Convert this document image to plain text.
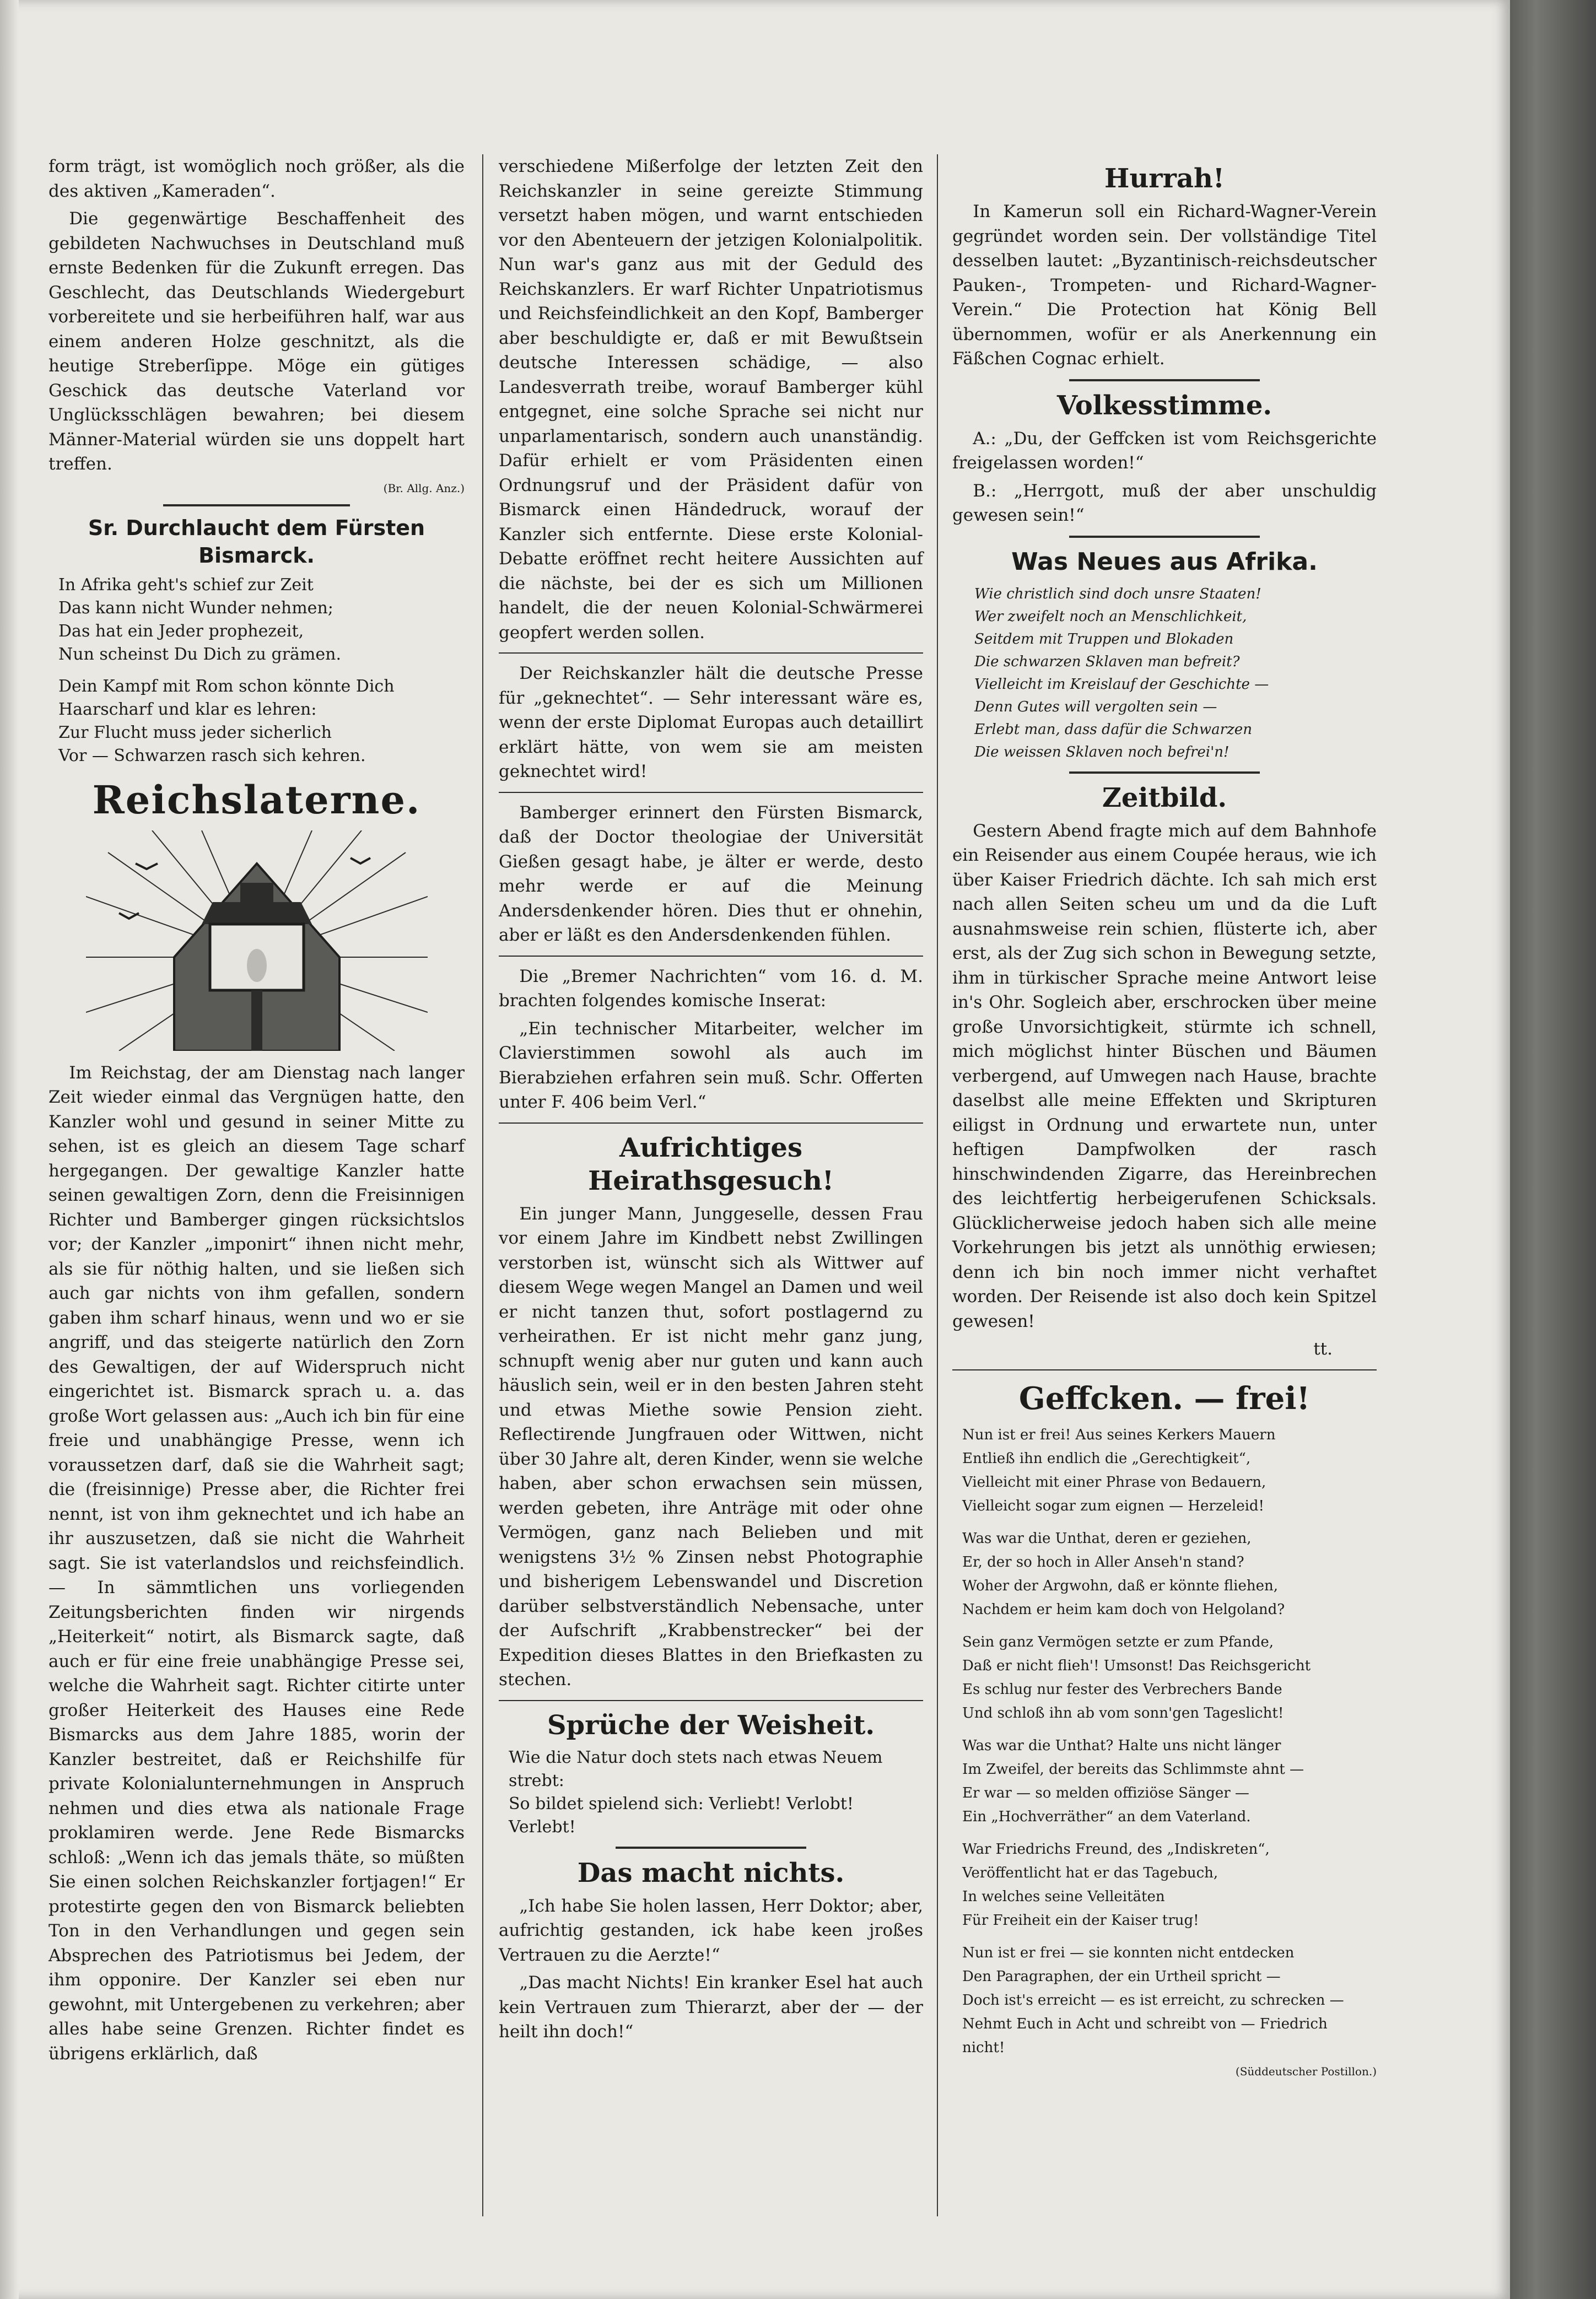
form trägt, ist womöglich noch größer, als die des aktiven „Kameraden“.

Die gegenwärtige Beschaffenheit des gebildeten Nachwuchses in Deutschland muß ernste Bedenken für die Zukunft erregen. Das Geschlecht, das Deutschlands Wiedergeburt vorbereitete und sie herbeiführen half, war aus einem anderen Holze geschnitzt, als die heutige Streberſippe. Möge ein gütiges Geschick das deutsche Vaterland vor Unglücksschlägen bewahren; bei diesem Männer-Material würden sie uns doppelt hart treffen.

(Br. Allg. Anz.)
Sr. Durchlaucht dem Fürsten Bismarck.
In Afrika geht's schief zur Zeit
Das kann nicht Wunder nehmen;
Das hat ein Jeder prophezeit,
Nun scheinst Du Dich zu grämen.

Dein Kampf mit Rom schon könnte Dich
Haarscharf und klar es lehren:
Zur Flucht muss jeder sicherlich
Vor — Schwarzen rasch sich kehren.
Reichslaterne.

Im Reichstag, der am Dienstag nach langer Zeit wieder einmal das Vergnügen hatte, den Kanzler wohl und gesund in seiner Mitte zu sehen, ist es gleich an diesem Tage scharf hergegangen. Der gewaltige Kanzler hatte seinen gewaltigen Zorn, denn die Freisinnigen Richter und Bamberger gingen rücksichtslos vor; der Kanzler „imponirt“ ihnen nicht mehr, als sie für nöthig halten, und sie ließen sich auch gar nichts von ihm gefallen, sondern gaben ihm scharf hinaus, wenn und wo er sie angriff, und das steigerte natürlich den Zorn des Gewaltigen, der auf Widerspruch nicht eingerichtet ist. Bismarck sprach u. a. das große Wort gelassen aus: „Auch ich bin für eine freie und unabhängige Presse, wenn ich voraussetzen darf, daß sie die Wahrheit sagt; die (freisinnige) Presse aber, die Richter frei nennt, ist von ihm geknechtet und ich habe an ihr auszusetzen, daß sie nicht die Wahrheit sagt. Sie ist vaterlandslos und reichsfeindlich. — In sämmtlichen uns vorliegenden Zeitungsberichten finden wir nirgends „Heiterkeit“ notirt, als Bismarck sagte, daß auch er für eine freie unabhängige Presse sei, welche die Wahrheit sagt. Richter citirte unter großer Heiterkeit des Hauses eine Rede Bismarcks aus dem Jahre 1885, worin der Kanzler bestreitet, daß er Reichshilfe für private Kolonialunternehmungen in Anspruch nehmen und dies etwa als nationale Frage proklamiren werde. Jene Rede Bismarcks schloß: „Wenn ich das jemals thäte, so müßten Sie einen solchen Reichskanzler fortjagen!“ Er protestirte gegen den von Bismarck beliebten Ton in den Verhandlungen und gegen sein Absprechen des Patriotismus bei Jedem, der ihm opponire. Der Kanzler sei eben nur gewohnt, mit Untergebenen zu verkehren; aber alles habe seine Grenzen. Richter findet es übrigens erklärlich, daß

verschiedene Mißerfolge der letzten Zeit den Reichskanzler in seine gereizte Stimmung versetzt haben mögen, und warnt entschieden vor den Abenteuern der jetzigen Kolonialpolitik. Nun war's ganz aus mit der Geduld des Reichskanzlers. Er warf Richter Unpatriotismus und Reichsfeindlichkeit an den Kopf, Bamberger aber beschuldigte er, daß er mit Bewußtsein deutsche Interessen schädige, — also Landesverrath treibe, worauf Bamberger kühl entgegnet, eine solche Sprache sei nicht nur unparlamentarisch, sondern auch unanständig. Dafür erhielt er vom Präsidenten einen Ordnungsruf und der Präsident dafür von Bismarck einen Händedruck, worauf der Kanzler sich entfernte. Diese erste Kolonial-Debatte eröffnet recht heitere Aussichten auf die nächste, bei der es sich um Millionen handelt, die der neuen Kolonial-Schwärmerei geopfert werden sollen.

Der Reichskanzler hält die deutsche Presse für „geknechtet“. — Sehr interessant wäre es, wenn der erste Diplomat Europas auch detaillirt erklärt hätte, von wem sie am meisten geknechtet wird!

Bamberger erinnert den Fürsten Bismarck, daß der Doctor theologiae der Universität Gießen gesagt habe, je älter er werde, desto mehr werde er auf die Meinung Andersdenkender hören. Dies thut er ohnehin, aber er läßt es den Andersdenkenden fühlen.

Die „Bremer Nachrichten“ vom 16. d. M. brachten folgendes komische Inserat:

„Ein technischer Mitarbeiter, welcher im Clavierstimmen sowohl als auch im Bierabziehen erfahren sein muß. Schr. Offerten unter F. 406 beim Verl.“

Aufrichtiges Heirathsgesuch!

Ein junger Mann, Junggeselle, dessen Frau vor einem Jahre im Kindbett nebst Zwillingen verstorben ist, wünscht sich als Wittwer auf diesem Wege wegen Mangel an Damen und weil er nicht tanzen thut, sofort postlagernd zu verheirathen. Er ist nicht mehr ganz jung, schnupft wenig aber nur guten und kann auch häuslich sein, weil er in den besten Jahren steht und etwas Miethe sowie Pension zieht. Reflectirende Jungfrauen oder Wittwen, nicht über 30 Jahre alt, deren Kinder, wenn sie welche haben, aber schon erwachsen sein müssen, werden gebeten, ihre Anträge mit oder ohne Vermögen, ganz nach Belieben und mit wenigstens 3½ % Zinsen nebst Photographie und bisherigem Lebenswandel und Discretion darüber selbstverständlich Nebensache, unter der Aufschrift „Krabbenstrecker“ bei der Expedition dieses Blattes in den Briefkasten zu stechen.

Sprüche der Weisheit.
Wie die Natur doch stets nach etwas Neuem
strebt:
So bildet spielend sich: Verliebt! Verlobt!
Verlebt!
Das macht nichts.

„Ich habe Sie holen lassen, Herr Doktor; aber, aufrichtig gestanden, ick habe keen jroßes Vertrauen zu die Aerzte!“

„Das macht Nichts! Ein kranker Esel hat auch kein Vertrauen zum Thierarzt, aber der — der heilt ihn doch!“

Hurrah!

In Kamerun soll ein Richard-Wagner-Verein gegründet worden sein. Der vollständige Titel desselben lautet: „Byzantinisch-reichsdeutscher Pauken-, Trompeten- und Richard-Wagner-Verein.“ Die Protection hat König Bell übernommen, wofür er als Anerkennung ein Fäßchen Cognac erhielt.

Volkesstimme.

A.: „Du, der Geffcken ist vom Reichsgerichte freigelassen worden!“

B.: „Herrgott, muß der aber unschuldig gewesen sein!“

Was Neues aus Afrika.
Wie christlich sind doch unsre Staaten!
Wer zweifelt noch an Menschlichkeit,
Seitdem mit Truppen und Blokaden
Die schwarzen Sklaven man befreit?
Vielleicht im Kreislauf der Geschichte —
Denn Gutes will vergolten sein —
Erlebt man, dass dafür die Schwarzen
Die weissen Sklaven noch befrei'n!
Zeitbild.

Gestern Abend fragte mich auf dem Bahnhofe ein Reisender aus einem Coupée heraus, wie ich über Kaiser Friedrich dächte. Ich sah mich erst nach allen Seiten scheu um und da die Luft ausnahmsweise rein schien, flüsterte ich, aber erst, als der Zug sich schon in Bewegung setzte, ihm in türkischer Sprache meine Antwort leise in's Ohr. Sogleich aber, erschrocken über meine große Unvorsichtigkeit, stürmte ich schnell, mich möglichst hinter Büschen und Bäumen verbergend, auf Umwegen nach Hause, brachte daselbst alle meine Effekten und Skripturen eiligst in Ordnung und erwartete nun, unter heftigen Dampfwolken der rasch hinschwindenden Zigarre, das Hereinbrechen des leichtfertig herbeigerufenen Schicksals. Glücklicherweise jedoch haben sich alle meine Vorkehrungen bis jetzt als unnöthig erwiesen; denn ich bin noch immer nicht verhaftet worden. Der Reisende ist also doch kein Spitzel gewesen!

tt.
Geffcken. — frei!
Nun ist er frei! Aus seines Kerkers Mauern
Entließ ihn endlich die „Gerechtigkeit“,
Vielleicht mit einer Phrase von Bedauern,
Vielleicht sogar zum eignen — Herzeleid!

Was war die Unthat, deren er geziehen,
Er, der so hoch in Aller Anseh'n stand?
Woher der Argwohn, daß er könnte fliehen,
Nachdem er heim kam doch von Helgoland?

Sein ganz Vermögen setzte er zum Pfande,
Daß er nicht flieh'! Umsonst! Das Reichsgericht
Es schlug nur fester des Verbrechers Bande
Und schloß ihn ab vom sonn'gen Tageslicht!

Was war die Unthat? Halte uns nicht länger
Im Zweifel, der bereits das Schlimmste ahnt —
Er war — so melden offiziöse Sänger —
Ein „Hochverräther“ an dem Vaterland.

War Friedrichs Freund, des „Indiskreten“,
Veröffentlicht hat er das Tagebuch,
In welches seine Velleitäten
Für Freiheit ein der Kaiser trug!

Nun ist er frei — sie konnten nicht entdecken
Den Paragraphen, der ein Urtheil spricht —
Doch ist's erreicht — es ist erreicht, zu schrecken —
Nehmt Euch in Acht und schreibt von — Friedrich
nicht!
(Süddeutscher Postillon.)
